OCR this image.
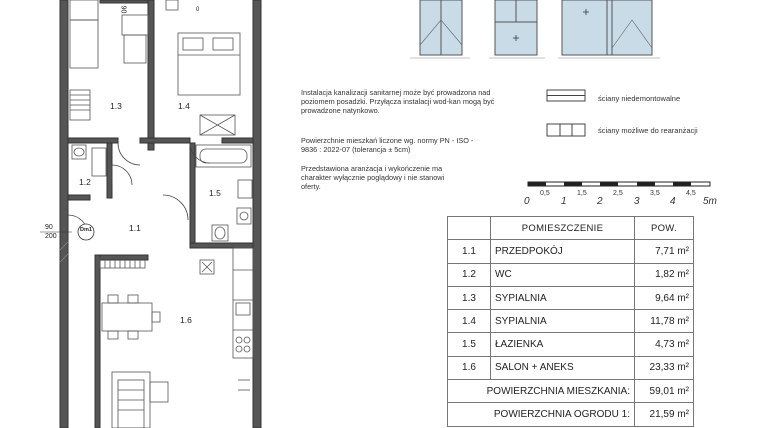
1.3	1.4
1.2
1.5
1.1
1.6
Dm1
90
200
90	0
Instalacja kanalizacji sanitarnej może być prowadzona nad poziomem posadzki. Przyłącza instalacji wod-kan mogą być prowadzone natynkowo.
Powierzchnie mieszkań liczone wg. normy PN - ISO - 9836 : 2022-07 (tolerancja ± 5cm)
Przedstawiona aranżacja i wykończenie ma charakter wyłącznie poglądowy i nie stanowi oferty.
ściany niedemontowalne
ściany możliwe do rearanżacji
0,5	1,5	2,5	3,5	4,5
0	1	2	3	4	5m
	POMIESZCZENIE	POW.
1.1	PRZEDPOKÓJ	7,71 m²
1.2	WC	1,82 m²
1.3	SYPIALNIA	9,64 m²
1.4	SYPIALNIA	11,78 m²
1.5	ŁAZIENKA	4,73 m²
1.6	SALON + ANEKS	23,33 m²
POWIERZCHNIA MIESZKANIA:		59,01 m²
POWIERZCHNIA OGRODU 1:		21,59 m²
